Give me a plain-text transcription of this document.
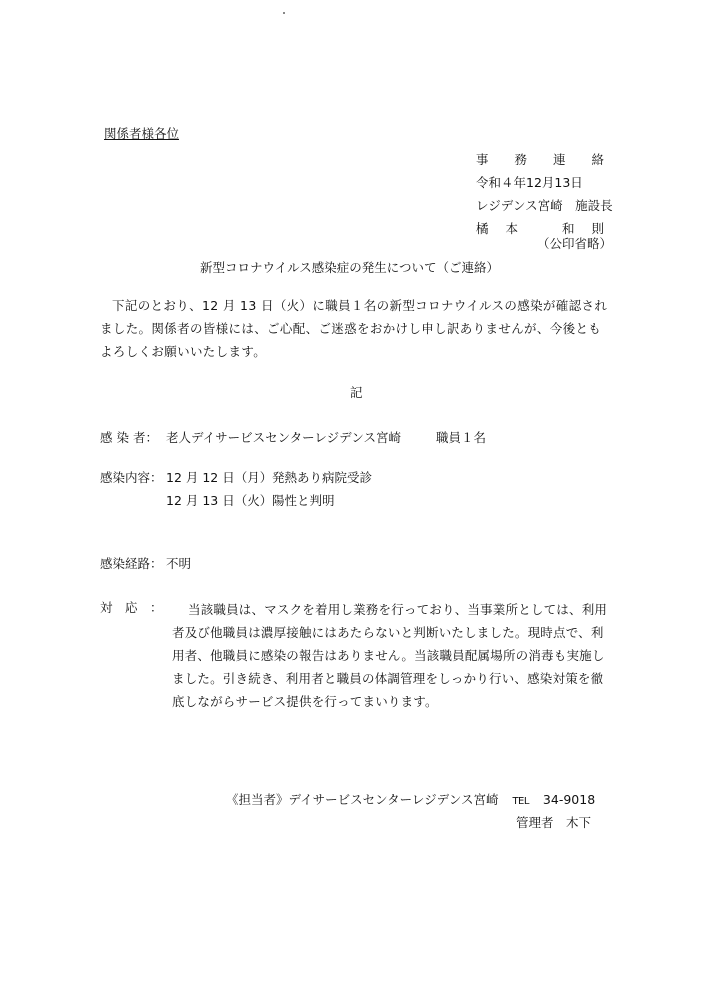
関係者様各位
事 務 連 絡
令和４年12月13日
レジデンス宮崎　施設長
橘 本	和 則
（公印省略）
新型コロナウイルス感染症の発生について（ご連絡）
下記のとおり、12 月 13 日（火）に職員１名の新型コロナウイルスの感染が確認されました。関係者の皆様には、ご心配、ご迷惑をおかけし申し訳ありませんが、今後ともよろしくお願いいたします。
記
感 染 者： 老人デイサービスセンターレジデンス宮崎	職員１名
感染内容： 12 月 12 日（月） 発熱あり病院受診
12 月 13 日（火） 陽性と判明
感染経路： 不明
対　応　：	当該職員は、マスクを着用し業務を行っており、当事業所としては、利用者及び他職員は濃厚接触にはあたらないと判断いたしました。現時点で、利用者、他職員に感染の報告はありません。当該職員配属場所の消毒も実施しました。引き続き、利用者と職員の体調管理をしっかり行い、感染対策を徹底しながらサービス提供を行ってまいります。
《担当者》デイサービスセンターレジデンス宮崎 TEL 34-9018
管理者　木下
